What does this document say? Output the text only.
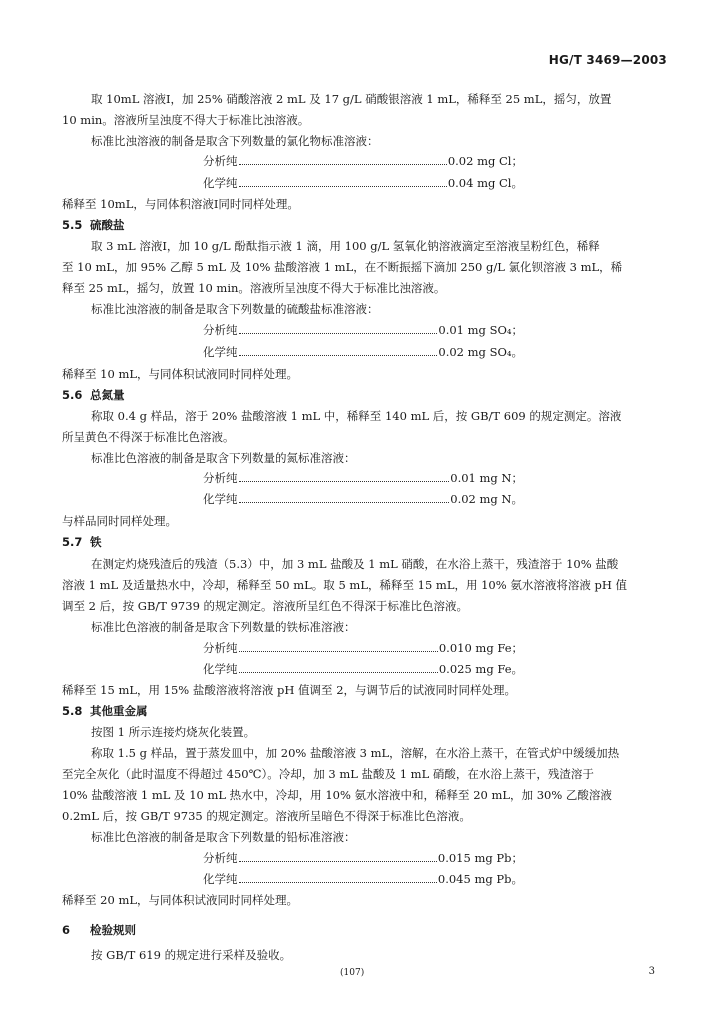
HG/T 3469—2003
取 10mL 溶液Ⅰ，加 25% 硝酸溶液 2 mL 及 17 g/L 硝酸银溶液 1 mL，稀释至 25 mL，摇匀，放置
10 min。溶液所呈浊度不得大于标准比浊溶液。
标准比浊溶液的制备是取含下列数量的氯化物标准溶液：
分析纯	0.02 mg Cl；
化学纯	0.04 mg Cl。
稀释至 10mL，与同体积溶液Ⅰ同时同样处理。
5.5 硫酸盐
取 3 mL 溶液Ⅰ，加 10 g/L 酚酞指示液 1 滴，用 100 g/L 氢氧化钠溶液滴定至溶液呈粉红色，稀释
至 10 mL，加 95% 乙醇 5 mL 及 10% 盐酸溶液 1 mL，在不断振摇下滴加 250 g/L 氯化钡溶液 3 mL，稀
释至 25 mL，摇匀，放置 10 min。溶液所呈浊度不得大于标准比浊溶液。
标准比浊溶液的制备是取含下列数量的硫酸盐标准溶液：
分析纯	0.01 mg SO₄；
化学纯	0.02 mg SO₄。
稀释至 10 mL，与同体积试液同时同样处理。
5.6 总氮量
称取 0.4 g 样品，溶于 20% 盐酸溶液 1 mL 中，稀释至 140 mL 后，按 GB/T 609 的规定测定。溶液
所呈黄色不得深于标准比色溶液。
标准比色溶液的制备是取含下列数量的氮标准溶液：
分析纯	0.01 mg N；
化学纯	0.02 mg N。
与样品同时同样处理。
5.7 铁
在测定灼烧残渣后的残渣（5.3）中，加 3 mL 盐酸及 1 mL 硝酸，在水浴上蒸干，残渣溶于 10% 盐酸
溶液 1 mL 及适量热水中，冷却，稀释至 50 mL。取 5 mL，稀释至 15 mL，用 10% 氨水溶液将溶液 pH 值
调至 2 后，按 GB/T 9739 的规定测定。溶液所呈红色不得深于标准比色溶液。
标准比色溶液的制备是取含下列数量的铁标准溶液：
分析纯	0.010 mg Fe；
化学纯	0.025 mg Fe。
稀释至 15 mL，用 15% 盐酸溶液将溶液 pH 值调至 2，与调节后的试液同时同样处理。
5.8 其他重金属
按图 1 所示连接灼烧灰化装置。
称取 1.5 g 样品，置于蒸发皿中，加 20% 盐酸溶液 3 mL，溶解，在水浴上蒸干，在管式炉中缓缓加热
至完全灰化（此时温度不得超过 450℃）。冷却，加 3 mL 盐酸及 1 mL 硝酸，在水浴上蒸干，残渣溶于
10% 盐酸溶液 1 mL 及 10 mL 热水中，冷却，用 10% 氨水溶液中和，稀释至 20 mL，加 30% 乙酸溶液
0.2mL 后，按 GB/T 9735 的规定测定。溶液所呈暗色不得深于标准比色溶液。
标准比色溶液的制备是取含下列数量的铅标准溶液：
分析纯	0.015 mg Pb；
化学纯	0.045 mg Pb。
稀释至 20 mL，与同体积试液同时同样处理。
6 检验规则
按 GB/T 619 的规定进行采样及验收。
(107)	3
